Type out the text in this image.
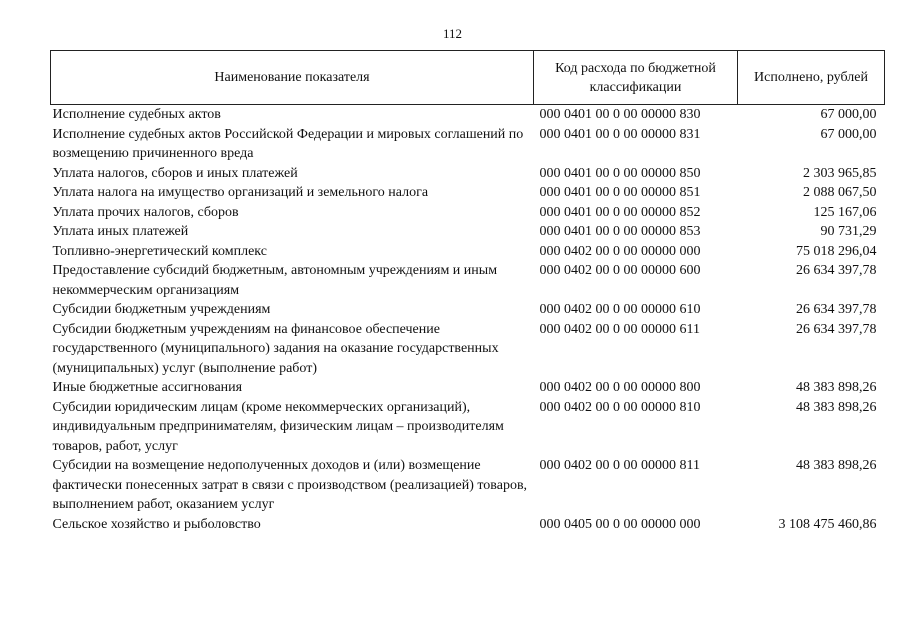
112
Наименование показателя	Код расхода по бюджетной классификации	Исполнено, рублей
Исполнение судебных актов	000 0401 00 0 00 00000 830	67 000,00
Исполнение судебных актов Российской Федерации и мировых соглашений по возмещению причиненного вреда	000 0401 00 0 00 00000 831	67 000,00
Уплата налогов, сборов и иных платежей	000 0401 00 0 00 00000 850	2 303 965,85
Уплата налога на имущество организаций и земельного налога	000 0401 00 0 00 00000 851	2 088 067,50
Уплата прочих налогов, сборов	000 0401 00 0 00 00000 852	125 167,06
Уплата иных платежей	000 0401 00 0 00 00000 853	90 731,29
Топливно-энергетический комплекс	000 0402 00 0 00 00000 000	75 018 296,04
Предоставление субсидий бюджетным, автономным учреждениям и иным некоммерческим организациям	000 0402 00 0 00 00000 600	26 634 397,78
Субсидии бюджетным учреждениям	000 0402 00 0 00 00000 610	26 634 397,78
Субсидии бюджетным учреждениям на финансовое обеспечение государственного (муниципального) задания на оказание государственных (муниципальных) услуг (выполнение работ)	000 0402 00 0 00 00000 611	26 634 397,78
Иные бюджетные ассигнования	000 0402 00 0 00 00000 800	48 383 898,26
Субсидии юридическим лицам (кроме некоммерческих организаций), индивидуальным предпринимателям, физическим лицам – производителям товаров, работ, услуг	000 0402 00 0 00 00000 810	48 383 898,26
Субсидии на возмещение недополученных доходов и (или) возмещение фактически понесенных затрат в связи с производством (реализацией) товаров, выполнением работ, оказанием услуг	000 0402 00 0 00 00000 811	48 383 898,26
Сельское хозяйство и рыболовство	000 0405 00 0 00 00000 000	3 108 475 460,86
